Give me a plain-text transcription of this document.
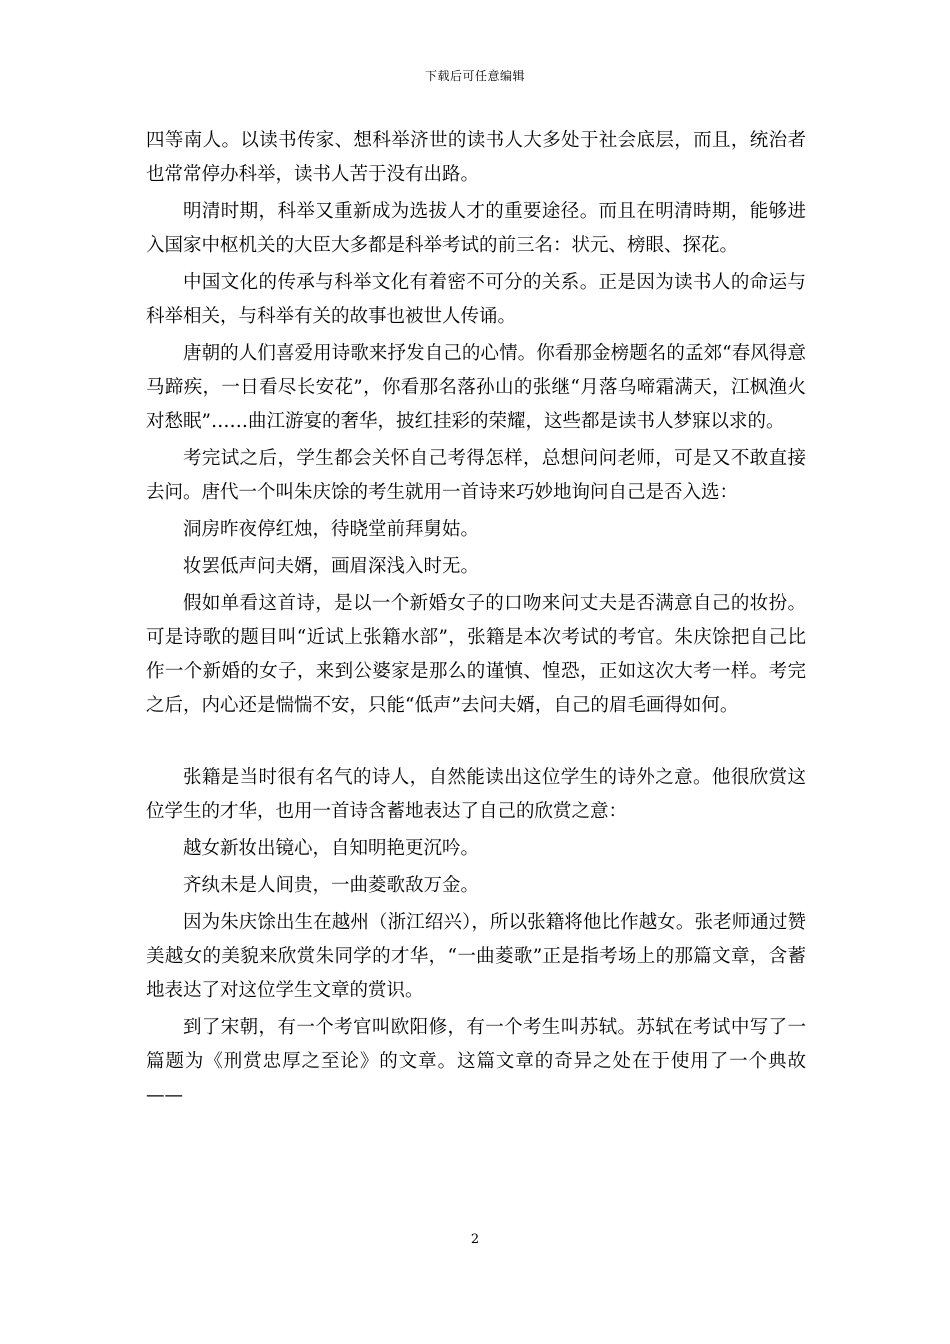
下载后可任意编辑

四等南人。以读书传家、想科举济世的读书人大多处于社会底层，而且，统治者也常常停办科举，读书人苦于没有出路。

明清时期，科举又重新成为选拔人才的重要途径。而且在明清時期，能够进入国家中枢机关的大臣大多都是科举考试的前三名：状元、榜眼、探花。

中国文化的传承与科举文化有着密不可分的关系。正是因为读书人的命运与科举相关，与科举有关的故事也被世人传诵。

唐朝的人们喜爱用诗歌来抒发自己的心情。你看那金榜题名的孟郊“春风得意马蹄疾，一日看尽长安花”，你看那名落孙山的张继“月落乌啼霜满天，江枫渔火对愁眠”……曲江游宴的奢华，披红挂彩的荣耀，这些都是读书人梦寐以求的。

考完试之后，学生都会关怀自己考得怎样，总想问问老师，可是又不敢直接去问。唐代一个叫朱庆馀的考生就用一首诗来巧妙地询问自己是否入选：

洞房昨夜停红烛，待晓堂前拜舅姑。

妆罢低声问夫婿，画眉深浅入时无。

假如单看这首诗，是以一个新婚女子的口吻来问丈夫是否满意自己的妆扮。可是诗歌的题目叫“近试上张籍水部”，张籍是本次考试的考官。朱庆馀把自己比作一个新婚的女子，来到公婆家是那么的谨慎、惶恐，正如这次大考一样。考完之后，内心还是惴惴不安，只能“低声”去问夫婿，自己的眉毛画得如何。

张籍是当时很有名气的诗人，自然能读出这位学生的诗外之意。他很欣赏这位学生的才华，也用一首诗含蓄地表达了自己的欣赏之意：

越女新妆出镜心，自知明艳更沉吟。

齐纨未是人间贵，一曲菱歌敌万金。

因为朱庆馀出生在越州（浙江绍兴），所以张籍将他比作越女。张老师通过赞美越女的美貌来欣赏朱同学的才华，“一曲菱歌”正是指考场上的那篇文章，含蓄地表达了对这位学生文章的赏识。

到了宋朝，有一个考官叫欧阳修，有一个考生叫苏轼。苏轼在考试中写了一篇题为《刑赏忠厚之至论》的文章。这篇文章的奇异之处在于使用了一个典故——

2
